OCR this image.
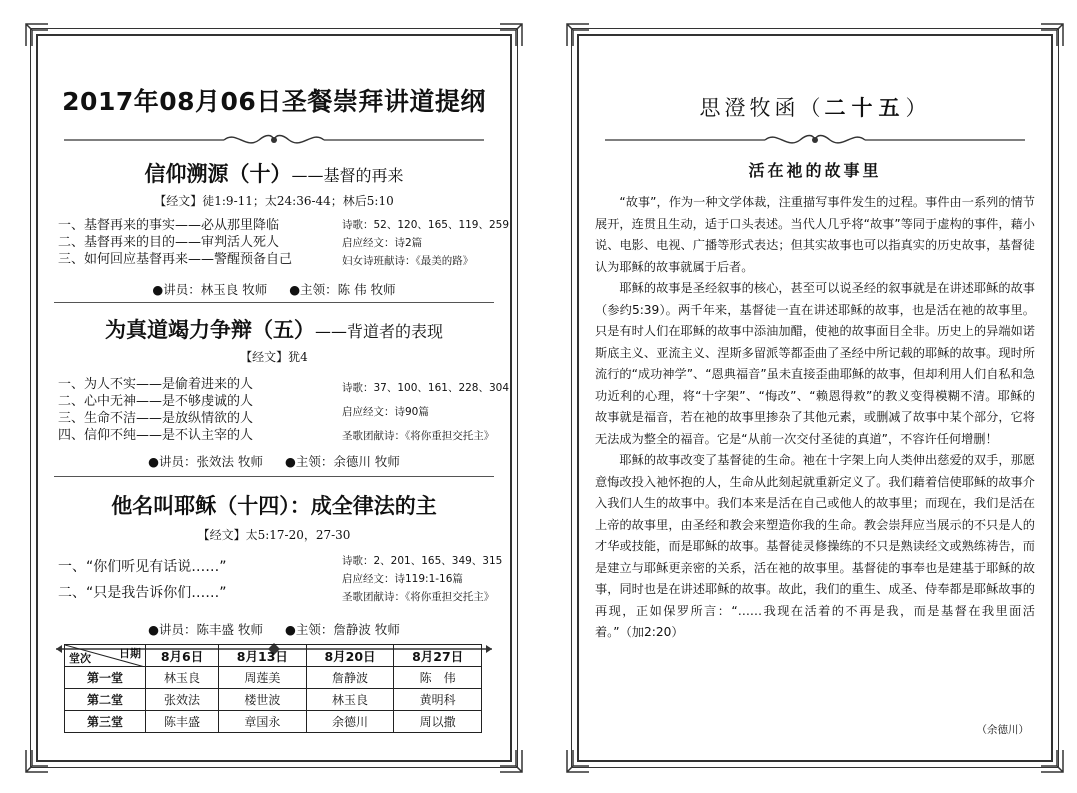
2017年08月06日圣餐崇拜讲道提纲
信仰溯源（十）——基督的再来
【经文】徒1:9-11；太24:36-44；林后5:10
一、基督再来的事实——必从那里降临
二、基督再来的目的——审判活人死人
三、如何回应基督再来——警醒预备自己
诗歌：52、120、165、119、259
启应经文：诗2篇
妇女诗班献诗：《最美的路》
●讲员：林玉良 牧师 ●主领：陈 伟 牧师
为真道竭力争辩（五）——背道者的表现
【经文】犹4
一、为人不实——是偷着进来的人
二、心中无神——是不够虔诚的人
三、生命不洁——是放纵情欲的人
四、信仰不纯——是不认主宰的人
诗歌：37、100、161、228、304
启应经文：诗90篇
圣歌团献诗：《将你重担交托主》
●讲员：张效法 牧师 ●主领：余德川 牧师
他名叫耶稣（十四）：成全律法的主
【经文】太5:17-20，27-30
一、“你们听见有话说……”
二、“只是我告诉你们……”
诗歌：2、201、165、349、315
启应经文：诗119:1-16篇
圣歌团献诗：《将你重担交托主》
●讲员：陈丰盛 牧师 ●主领：詹静波 牧师
日期
堂次	8月6日	8月13日	8月20日	8月27日
第一堂	林玉良	周莲美	詹静波	陈　伟
第二堂	张效法	楼世波	林玉良	黄明科
第三堂	陈丰盛	章国永	余德川	周以撒
思澄牧函（二十五）
活在祂的故事里

“故事”，作为一种文学体裁，注重描写事件发生的过程。事件由一系列的情节展开，连贯且生动，适于口头表述。当代人几乎将“故事”等同于虚构的事件，藉小说、电影、电视、广播等形式表达；但其实故事也可以指真实的历史故事，基督徒认为耶稣的故事就属于后者。

耶稣的故事是圣经叙事的核心，甚至可以说圣经的叙事就是在讲述耶稣的故事（参约5:39）。两千年来，基督徒一直在讲述耶稣的故事，也是活在祂的故事里。只是有时人们在耶稣的故事中添油加醋，使祂的故事面目全非。历史上的异端如诺斯底主义、亚流主义、涅斯多留派等都歪曲了圣经中所记载的耶稣的故事。现时所流行的“成功神学”、“恩典福音”虽未直接歪曲耶稣的故事，但却利用人们自私和急功近利的心理，将“十字架”、“悔改”、“赖恩得救”的教义变得模糊不清。耶稣的故事就是福音，若在祂的故事里掺杂了其他元素，或删减了故事中某个部分，它将无法成为整全的福音。它是“从前一次交付圣徒的真道”，不容许任何增删！

耶稣的故事改变了基督徒的生命。祂在十字架上向人类伸出慈爱的双手，那愿意悔改投入祂怀抱的人，生命从此刻起就重新定义了。我们藉着信使耶稣的故事介入我们人生的故事中。我们本来是活在自己或他人的故事里；而现在，我们是活在上帝的故事里，由圣经和教会来塑造你我的生命。教会崇拜应当展示的不只是人的才华或技能，而是耶稣的故事。基督徒灵修操练的不只是熟读经文或熟练祷告，而是建立与耶稣更亲密的关系，活在祂的故事里。基督徒的事奉也是建基于耶稣的故事，同时也是在讲述耶稣的故事。故此，我们的重生、成圣、侍奉都是耶稣故事的再现，正如保罗所言：“……我现在活着的不再是我，而是基督在我里面活着。”（加2:20）

（余德川）
